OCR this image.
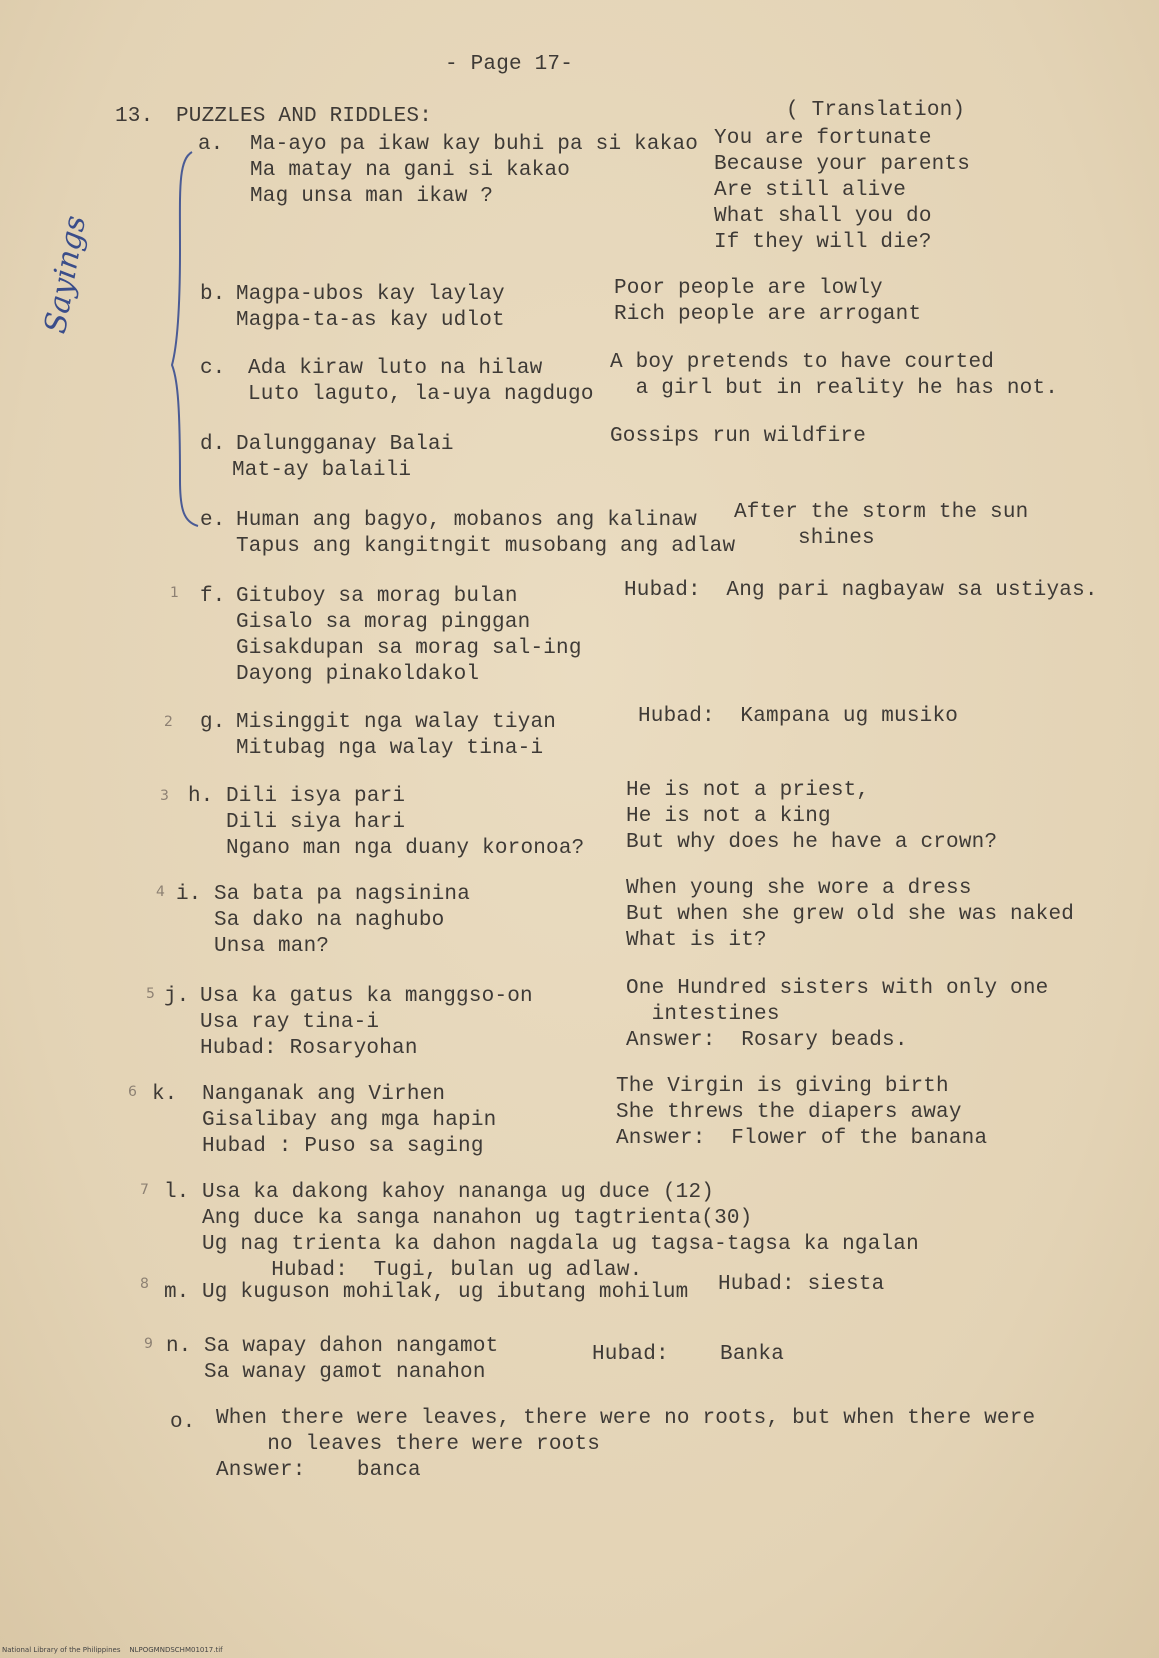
- Page 17-
13. PUZZLES AND RIDDLES:	( Translation)
Sayings
a. Ma-ayo pa ikaw kay buhi pa si kakao
Ma matay na gani si kakao
Mag unsa man ikaw ?
You are fortunate
Because your parents
Are still alive
What shall you do
If they will die?
b. Magpa-ubos kay laylay
Magpa-ta-as kay udlot
Poor people are lowly
Rich people are arrogant
c. Ada kiraw luto na hilaw
Luto laguto, la-uya nagdugo
A boy pretends to have courted
a girl but in reality he has not.
d. Dalungganay Balai
Mat-ay balaili
Gossips run wildfire
e. Human ang bagyo, mobanos ang kalinaw
Tapus ang kangitngit musobang ang adlaw
After the storm the sun
shines
1 f. Gituboy sa morag bulan
Gisalo sa morag pinggan
Gisakdupan sa morag sal-ing
Dayong pinakoldakol
Hubad:  Ang pari nagbayaw sa ustiyas.
2 g. Misinggit nga walay tiyan
Mitubag nga walay tina-i
Hubad:  Kampana ug musiko
3 h. Dili isya pari
Dili siya hari
Ngano man nga duany koronoa?
He is not a priest,
He is not a king
But why does he have a crown?
4 i. Sa bata pa nagsinina
Sa dako na naghubo
Unsa man?
When young she wore a dress
But when she grew old she was naked
What is it?
5 j. Usa ka gatus ka manggso-on
Usa ray tina-i
Hubad: Rosaryohan
One Hundred sisters with only one
intestines
Answer:  Rosary beads.
6 k. Nanganak ang Virhen
Gisalibay ang mga hapin
Hubad : Puso sa saging
The Virgin is giving birth
She threws the diapers away
Answer:  Flower of the banana
7 l. Usa ka dakong kahoy nananga ug duce (12)
Ang duce ka sanga nanahon ug tagtrienta(30)
Ug nag trienta ka dahon nagdala ug tagsa-tagsa ka ngalan
Hubad:  Tugi, bulan ug adlaw.
8 m. Ug kuguson mohilak, ug ibutang mohilum Hubad: siesta
9 n. Sa wapay dahon nangamot
Sa wanay gamot nanahon
Hubad:    Banka
o. When there were leaves, there were no roots, but when there were
no leaves there were roots
Answer:    banca
National Library of the Philippines    NLPOGMNDSCHM01017.tif
